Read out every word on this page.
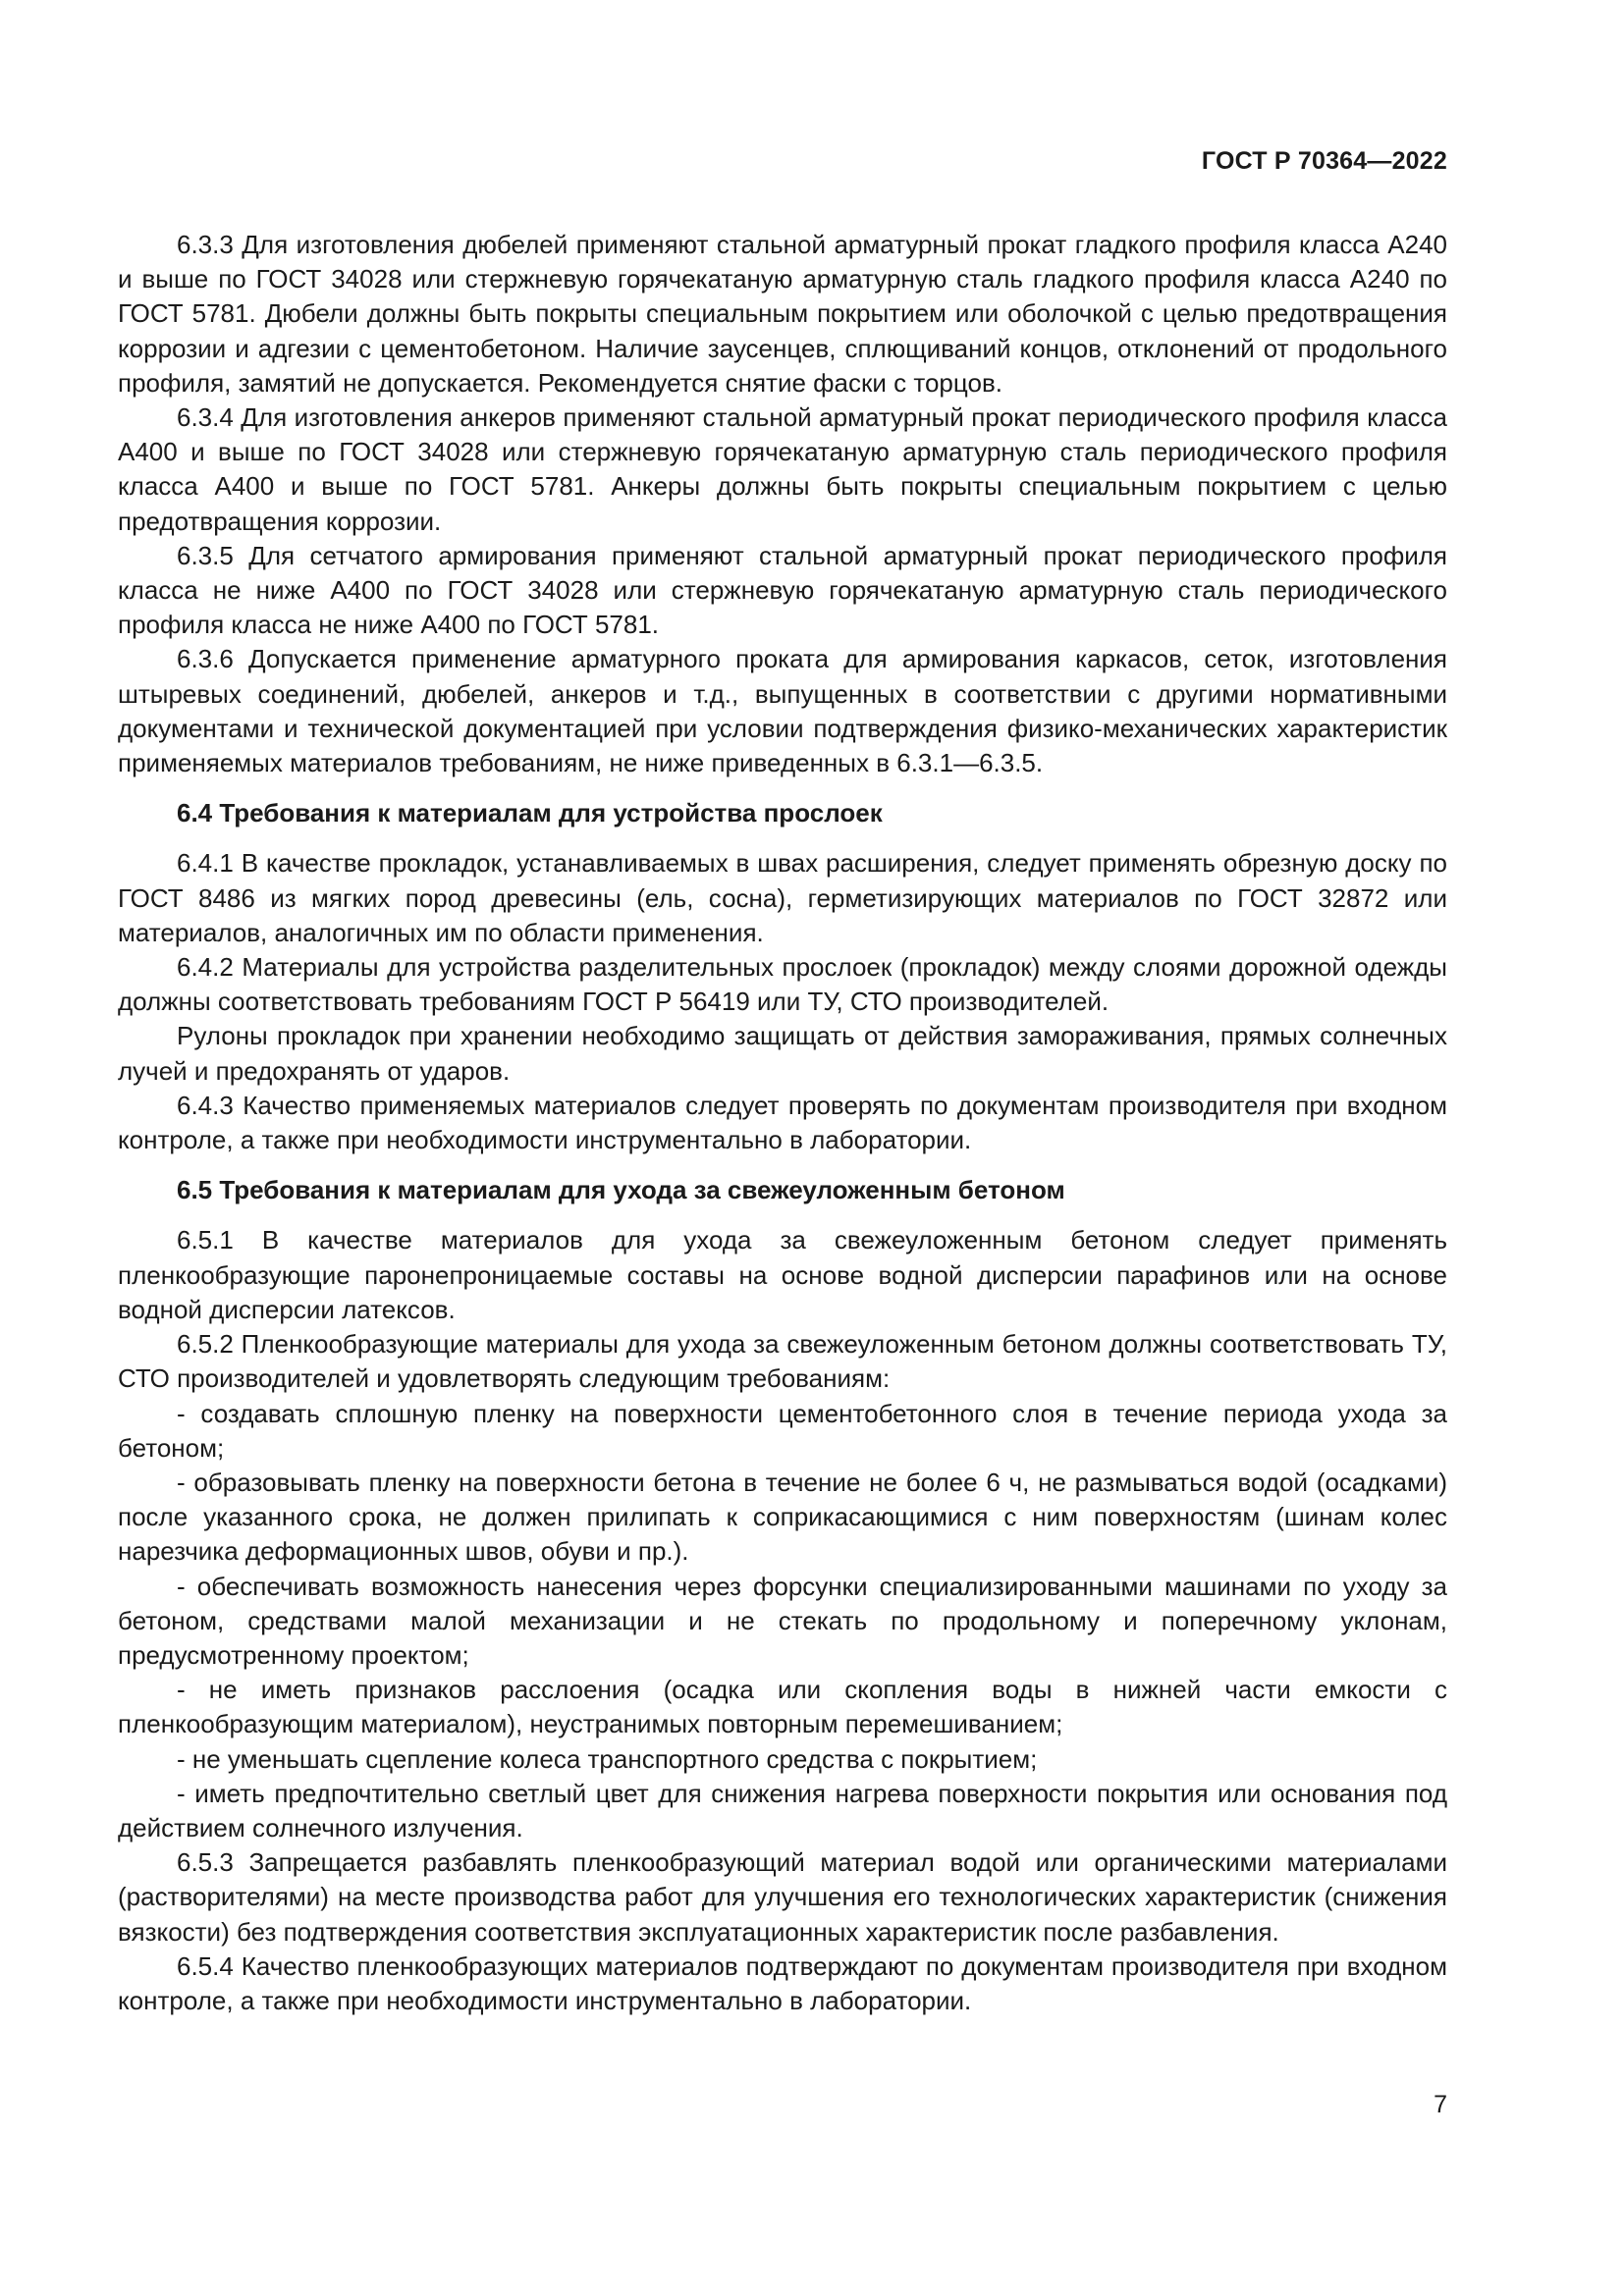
ГОСТ Р 70364—2022

6.3.3 Для изготовления дюбелей применяют стальной арматурный прокат гладкого профиля класса А240 и выше по ГОСТ 34028 или стержневую горячекатаную арматурную сталь гладкого профиля класса А240 по ГОСТ 5781. Дюбели должны быть покрыты специальным покрытием или оболочкой с целью предотвращения коррозии и адгезии с цементобетоном. Наличие заусенцев, сплющиваний концов, отклонений от продольного профиля, замятий не допускается. Рекомендуется снятие фаски с торцов.

6.3.4 Для изготовления анкеров применяют стальной арматурный прокат периодического профиля класса А400 и выше по ГОСТ 34028 или стержневую горячекатаную арматурную сталь периодического профиля класса А400 и выше по ГОСТ 5781. Анкеры должны быть покрыты специальным покрытием с целью предотвращения коррозии.

6.3.5 Для сетчатого армирования применяют стальной арматурный прокат периодического профиля класса не ниже А400 по ГОСТ 34028 или стержневую горячекатаную арматурную сталь периодического профиля класса не ниже А400 по ГОСТ 5781.

6.3.6 Допускается применение арматурного проката для армирования каркасов, сеток, изготовления штыревых соединений, дюбелей, анкеров и т.д., выпущенных в соответствии с другими нормативными документами и технической документацией при условии подтверждения физико-механических характеристик применяемых материалов требованиям, не ниже приведенных в 6.3.1—6.3.5.

6.4 Требования к материалам для устройства прослоек

6.4.1 В качестве прокладок, устанавливаемых в швах расширения, следует применять обрезную доску по ГОСТ 8486 из мягких пород древесины (ель, сосна), герметизирующих материалов по ГОСТ 32872 или материалов, аналогичных им по области применения.

6.4.2 Материалы для устройства разделительных прослоек (прокладок) между слоями дорожной одежды должны соответствовать требованиям ГОСТ Р 56419 или ТУ, СТО производителей.

Рулоны прокладок при хранении необходимо защищать от действия замораживания, прямых солнечных лучей и предохранять от ударов.

6.4.3 Качество применяемых материалов следует проверять по документам производителя при входном контроле, а также при необходимости инструментально в лаборатории.

6.5 Требования к материалам для ухода за свежеуложенным бетоном

6.5.1 В качестве материалов для ухода за свежеуложенным бетоном следует применять пленкообразующие паронепроницаемые составы на основе водной дисперсии парафинов или на основе водной дисперсии латексов.

6.5.2 Пленкообразующие материалы для ухода за свежеуложенным бетоном должны соответствовать ТУ, СТО производителей и удовлетворять следующим требованиям:

- создавать сплошную пленку на поверхности цементобетонного слоя в течение периода ухода за бетоном;

- образовывать пленку на поверхности бетона в течение не более 6 ч, не размываться водой (осадками) после указанного срока, не должен прилипать к соприкасающимися с ним поверхностям (шинам колес нарезчика деформационных швов, обуви и пр.).

- обеспечивать возможность нанесения через форсунки специализированными машинами по уходу за бетоном, средствами малой механизации и не стекать по продольному и поперечному уклонам, предусмотренному проектом;

- не иметь признаков расслоения (осадка или скопления воды в нижней части емкости с пленкообразующим материалом), неустранимых повторным перемешиванием;

- не уменьшать сцепление колеса транспортного средства с покрытием;

- иметь предпочтительно светлый цвет для снижения нагрева поверхности покрытия или основания под действием солнечного излучения.

6.5.3 Запрещается разбавлять пленкообразующий материал водой или органическими материалами (растворителями) на месте производства работ для улучшения его технологических характеристик (снижения вязкости) без подтверждения соответствия эксплуатационных характеристик после разбавления.

6.5.4 Качество пленкообразующих материалов подтверждают по документам производителя при входном контроле, а также при необходимости инструментально в лаборатории.

7
